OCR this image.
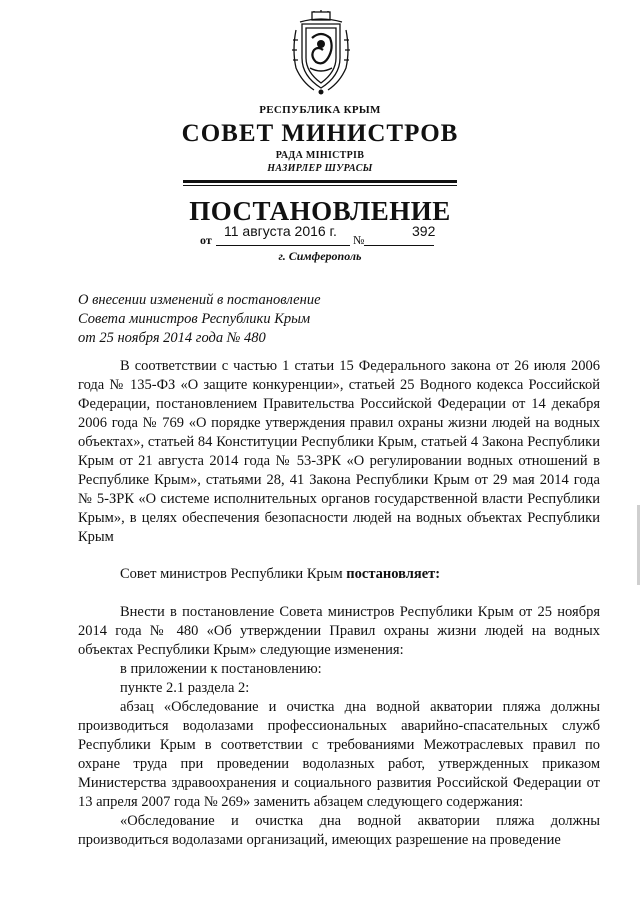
РЕСПУБЛИКА КРЫМ
СОВЕТ МИНИСТРОВ
РАДА МІНІСТРІВ
НАЗИРЛЕР ШУРАСЫ
ПОСТАНОВЛЕНИЕ
от
11 августа 2016 г.
№
392
г. Симферополь
О внесении изменений в постановление
Совета министров Республики Крым
от 25 ноября 2014 года № 480

В соответствии с частью 1 статьи 15 Федерального закона от 26 июля 2006 года № 135-ФЗ «О защите конкуренции», статьей 25 Водного кодекса Российской Федерации, постановлением Правительства Российской Федерации от 14 декабря 2006 года № 769 «О порядке утверждения правил охраны жизни людей на водных объектах», статьей 84 Конституции Республики Крым, статьей 4 Закона Республики Крым от 21 августа 2014 года № 53-ЗРК «О регулировании водных отношений в Республике Крым», статьями 28, 41 Закона Республики Крым от 29 мая 2014 года № 5-ЗРК «О системе исполнительных органов государственной власти Республики Крым», в целях обеспечения безопасности людей на водных объектах Республики Крым

Совет министров Республики Крым постановляет:

Внести в постановление Совета министров Республики Крым от 25 ноября 2014 года № 480 «Об утверждении Правил охраны жизни людей на водных объектах Республики Крым» следующие изменения:

в приложении к постановлению:

пункте 2.1 раздела 2:

абзац «Обследование и очистка дна водной акватории пляжа должны производиться водолазами профессиональных аварийно-спасательных служб Республики Крым в соответствии с требованиями Межотраслевых правил по охране труда при проведении водолазных работ, утвержденных приказом Министерства здравоохранения и социального развития Российской Федерации от 13 апреля 2007 года № 269» заменить абзацем следующего содержания:

«Обследование и очистка дна водной акватории пляжа должны производиться водолазами организаций, имеющих разрешение на проведение
